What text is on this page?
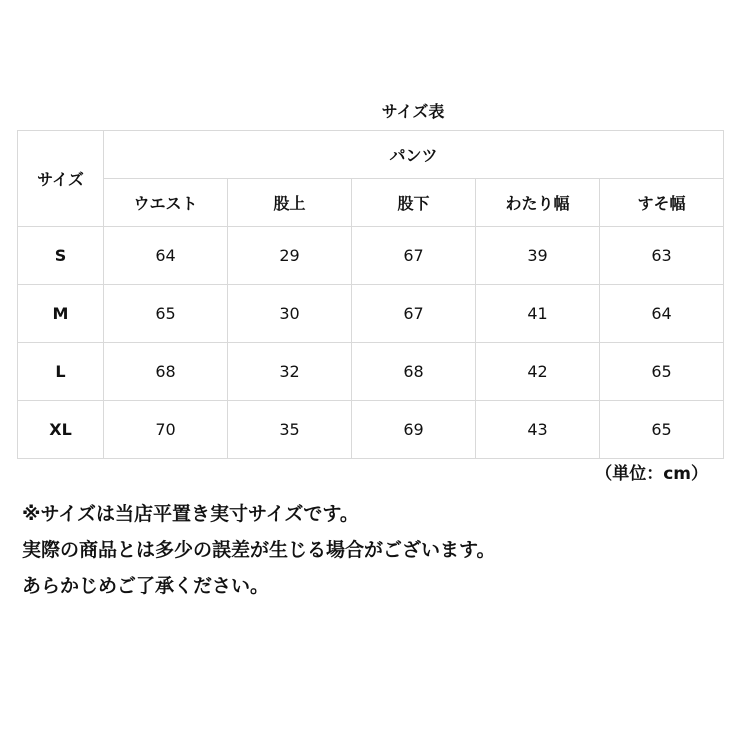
サイズ表
サイズ	パンツ				
	ウエスト	股上	股下	わたり幅	すそ幅
S	64	29	67	39	63
M	65	30	67	41	64
L	68	32	68	42	65
XL	70	35	69	43	65
（単位：cm）
※サイズは当店平置き実寸サイズです。
実際の商品とは多少の誤差が生じる場合がございます。
あらかじめご了承ください。
